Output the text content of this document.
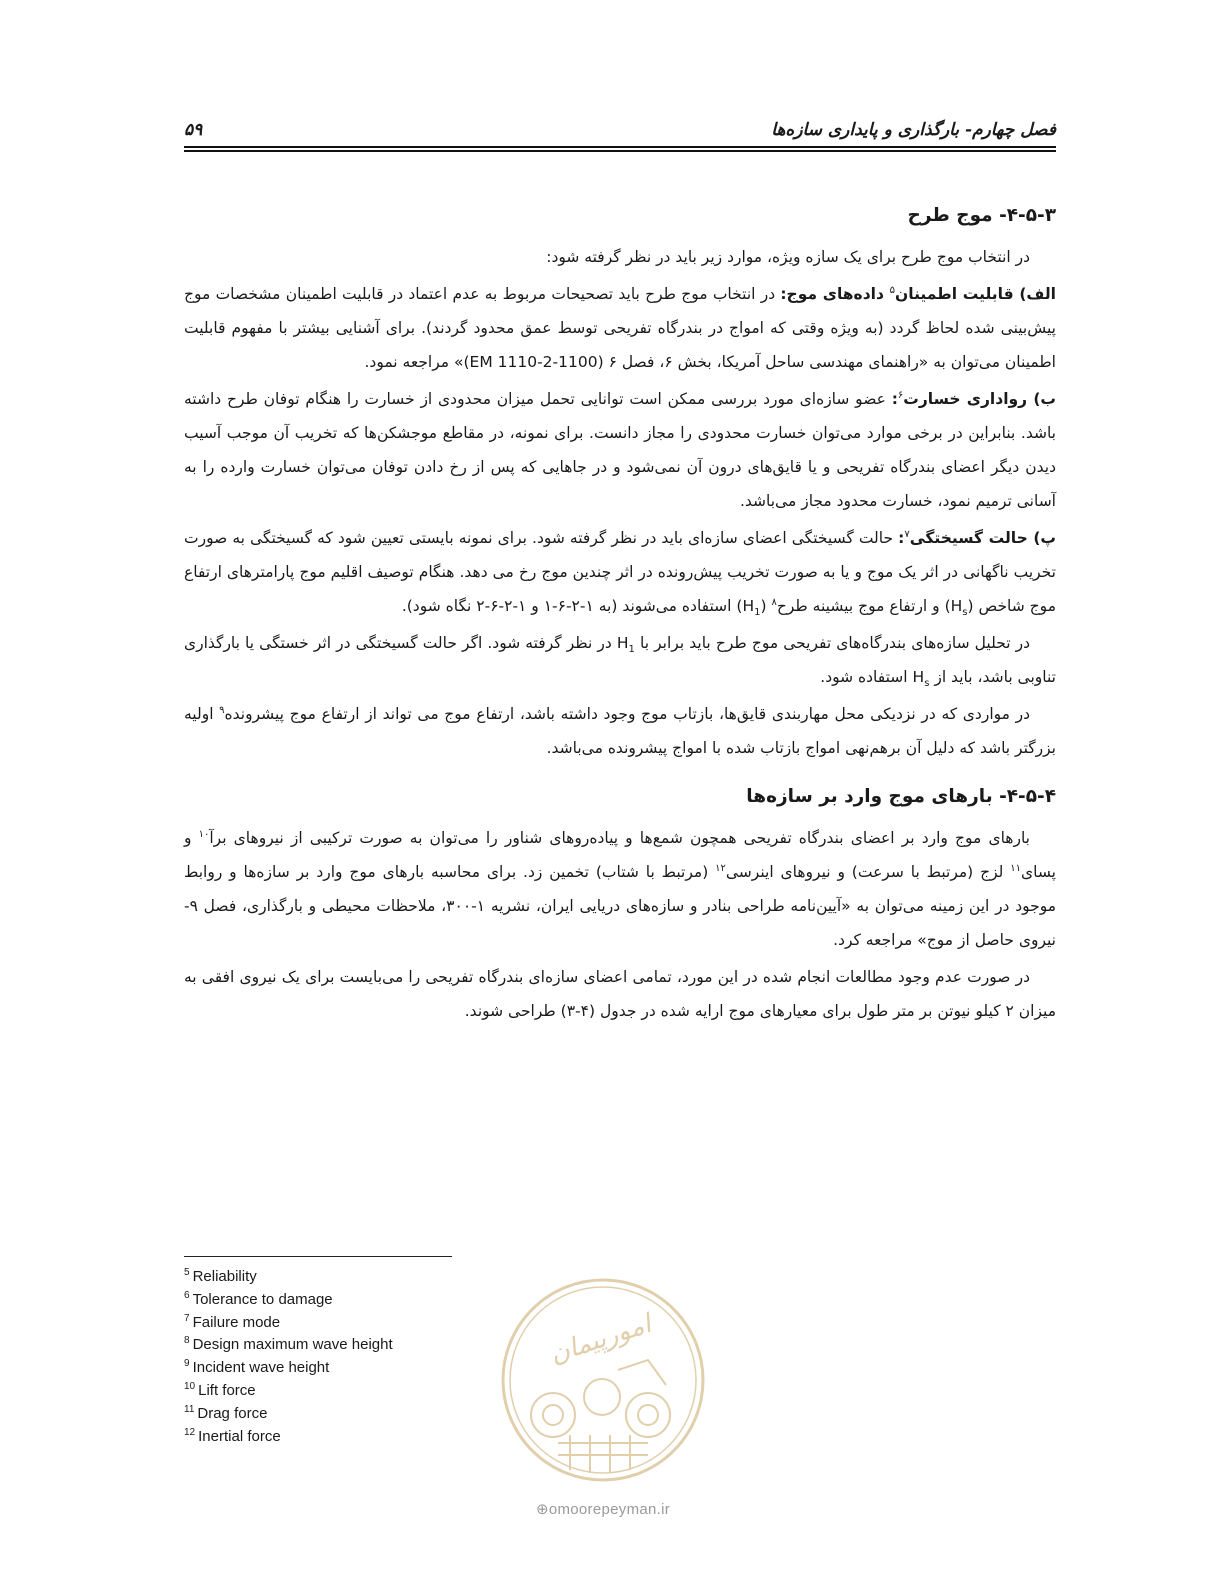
فصل چهارم- بارگذاری و پایداری سازه‌ها
۵۹
۴-۵-۳- موج طرح

در انتخاب موج طرح برای یک سازه ویژه، موارد زیر باید در نظر گرفته شود:

الف) قابلیت اطمینان$^۵$ داده‌های موج: در انتخاب موج طرح باید تصحیحات مربوط به عدم اعتماد در قابلیت اطمینان مشخصات موج پیش‌بینی شده لحاظ گردد (به ویژه وقتی که امواج در بندرگاه تفریحی توسط عمق محدود گردند). برای آشنایی بیشتر با مفهوم قابلیت اطمینان می‌توان به «راهنمای مهندسی ساحل آمریکا، بخش ۶، فصل ۶ (EM 1110-2-1100)» مراجعه نمود.

ب) رواداری خسارت$^۶$: عضو سازه‌ای مورد بررسی ممکن است توانایی تحمل میزان محدودی از خسارت را هنگام توفان طرح داشته باشد. بنابراین در برخی موارد می‌توان خسارت محدودی را مجاز دانست. برای نمونه، در مقاطع موجشکن‌ها که تخریب آن موجب آسیب دیدن دیگر اعضای بندرگاه تفریحی و یا قایق‌های درون آن نمی‌شود و در جاهایی که پس از رخ دادن توفان می‌توان خسارت وارده را به آسانی ترمیم نمود، خسارت محدود مجاز می‌باشد.

پ) حالت گسیختگی$^۷$: حالت گسیختگی اعضای سازه‌ای باید در نظر گرفته شود. برای نمونه بایستی تعیین شود که گسیختگی به صورت تخریب ناگهانی در اثر یک موج و یا به صورت تخریب پیش‌رونده در اثر چندین موج رخ می دهد. هنگام توصیف اقلیم موج پارامترهای ارتفاع موج شاخص $(H_s)$ و ارتفاع موج بیشینه طرح$^۸$ $(H_1)$ استفاده می‌شوند (به ۱-۲-۶-۱ و ۱-۲-۶-۲ نگاه شود).

در تحلیل سازه‌های بندرگاه‌های تفریحی موج طرح باید برابر با $H_1$ در نظر گرفته شود. اگر حالت گسیختگی در اثر خستگی یا بارگذاری تناوبی باشد، باید از $H_s$ استفاده شود.

در مواردی که در نزدیکی محل مهاربندی قایق‌ها، بازتاب موج وجود داشته باشد، ارتفاع موج می تواند از ارتفاع موج پیشرونده$^۹$ اولیه بزرگتر باشد که دلیل آن برهم‌نهی امواج بازتاب شده با امواج پیشرونده می‌باشد.

۴-۵-۴- بارهای موج وارد بر سازه‌ها

بارهای موج وارد بر اعضای بندرگاه تفریحی همچون شمع‌ها و پیاده‌روهای شناور را می‌توان به صورت ترکیبی از نیروهای برآ$^{۱۰}$ و پسای$^{۱۱}$ لزج (مرتبط با سرعت) و نیروهای اینرسی$^{۱۲}$ (مرتبط با شتاب) تخمین زد. برای محاسبه بارهای موج وارد بر سازه‌ها و روابط موجود در این زمینه می‌توان به «آیین‌نامه طراحی بنادر و سازه‌های دریایی ایران، نشریه ۱-۳۰۰، ملاحظات محیطی و بارگذاری، فصل ۹- نیروی حاصل از موج» مراجعه کرد.

در صورت عدم وجود مطالعات انجام شده در این مورد، تمامی اعضای سازه‌ای بندرگاه تفریحی را می‌بایست برای یک نیروی افقی به میزان ۲ کیلو نیوتن بر متر طول برای معیارهای موج ارایه شده در جدول (۴-۳) طراحی شوند.

$^5$ Reliability
$^6$ Tolerance to damage
$^7$ Failure mode
$^8$ Design maximum wave height
$^9$ Incident wave height
$^{10}$ Lift force
$^{11}$ Drag force
$^{12}$ Inertial force
امورپیمان
⊕omoorepeyman.ir
